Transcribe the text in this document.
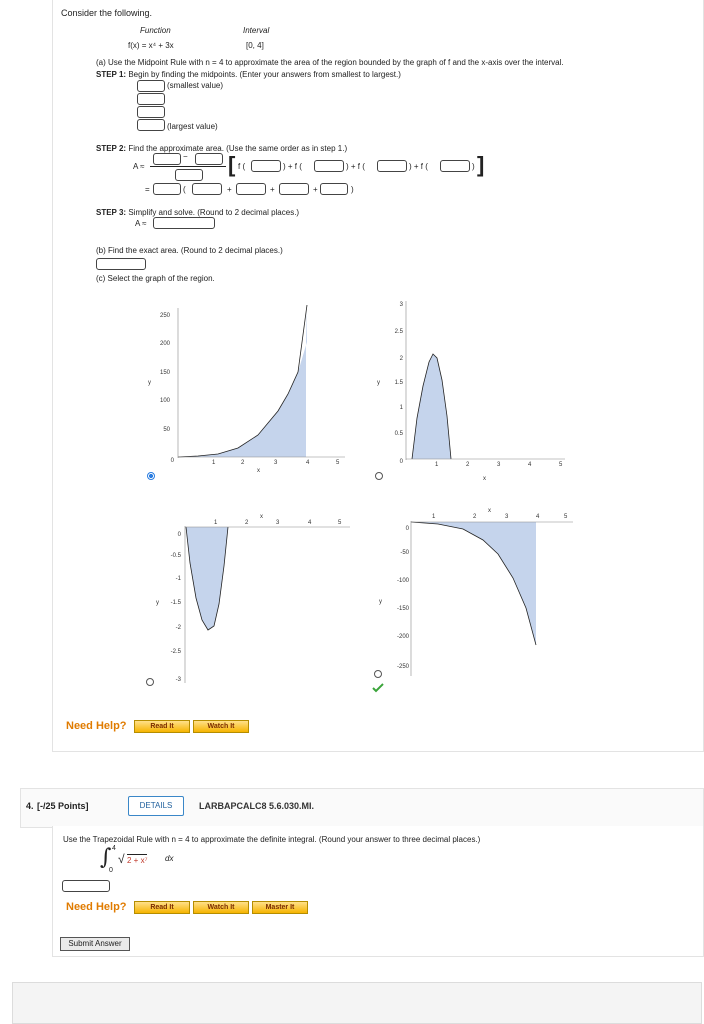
Consider the following.
Function	Interval
f(x) = x⁴ + 3x	[0, 4]
(a) Use the Midpoint Rule with n = 4 to approximate the area of the region bounded by the graph of f and the x-axis over the interval.
STEP 1: Begin by finding the midpoints. (Enter your answers from smallest to largest.)
(smallest value)
(largest value)
STEP 2: Find the approximate area. (Use the same order as in step 1.)
A ≈
− [ f (	) + f (	) + f (	) + f (	) ]
=	(	+	+	+	)
STEP 3: Simplify and solve. (Round to 2 decimal places.)
A ≈
(b) Find the exact area. (Round to 2 decimal places.)
(c) Select the graph of the region.
250
200
150
100
50
0
y
1	2	3	4	5
x
3
2.5
2
1.5
1
0.5
0
y
1	2	3	4	5
x
1	2	3	4	5
x
0
-0.5
-1
-1.5
-2
-2.5
-3
y
1	2	3	4	5
x
0
-50
-100
-150
-200
-250
y
Need Help?	Read It	Watch It
4. [-/25 Points]	DETAILS	LARBAPCALC8 5.6.030.MI.
Use the Trapezoidal Rule with n = 4 to approximate the definite integral. (Round your answer to three decimal places.)
∫ 4
0
√ 2 + x⁷ dx
Need Help?	Read It	Watch It	Master It
Submit Answer
